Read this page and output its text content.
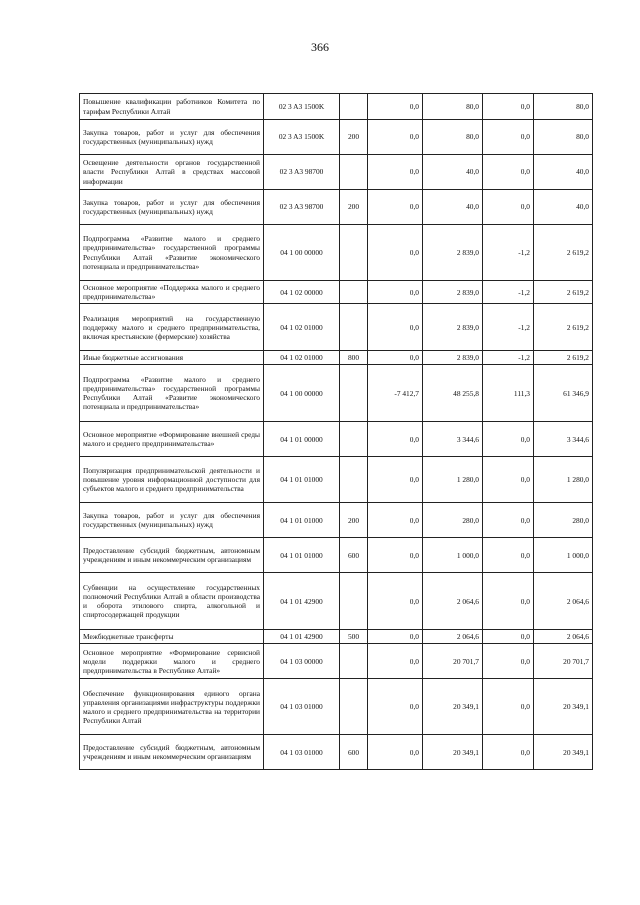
366
Повышение квалификации работников Комитета по тарифам Республики Алтай	02 3 A3 1500K		0,0	80,0	0,0	80,0
Закупка товаров, работ и услуг для обеспечения государственных (муниципальных) нужд	02 3 A3 1500K	200	0,0	80,0	0,0	80,0
Освещение деятельности органов государственной власти Республики Алтай в средствах массовой информации	02 3 A3 98700		0,0	40,0	0,0	40,0
Закупка товаров, работ и услуг для обеспечения государственных (муниципальных) нужд	02 3 A3 98700	200	0,0	40,0	0,0	40,0
Подпрограмма «Развитие малого и среднего предпринимательства» государственной программы Республики Алтай «Развитие экономического потенциала и предпринимательства»	04 1 00 00000		0,0	2 839,0	-1,2	2 619,2
Основное мероприятие «Поддержка малого и среднего предпринимательства»	04 1 02 00000		0,0	2 839,0	-1,2	2 619,2
Реализация мероприятий на государственную поддержку малого и среднего предпринимательства, включая крестьянские (фермерские) хозяйства	04 1 02 01000		0,0	2 839,0	-1,2	2 619,2
Иные бюджетные ассигнования	04 1 02 01000	800	0,0	2 839,0	-1,2	2 619,2
Подпрограмма «Развитие малого и среднего предпринимательства» государственной программы Республики Алтай «Развитие экономического потенциала и предпринимательства»	04 1 00 00000		-7 412,7	48 255,8	111,3	61 346,9
Основное мероприятие «Формирование внешней среды малого и среднего предпринимательства»	04 1 01 00000		0,0	3 344,6	0,0	3 344,6
Популяризация предпринимательской деятельности и повышение уровня информационной доступности для субъектов малого и среднего предпринимательства	04 1 01 01000		0,0	1 280,0	0,0	1 280,0
Закупка товаров, работ и услуг для обеспечения государственных (муниципальных) нужд	04 1 01 01000	200	0,0	280,0	0,0	280,0
Предоставление субсидий бюджетным, автономным учреждениям и иным некоммерческим организациям	04 1 01 01000	600	0,0	1 000,0	0,0	1 000,0
Субвенции на осуществление государственных полномочий Республики Алтай в области производства и оборота этилового спирта, алкогольной и спиртосодержащей продукции	04 1 01 42900		0,0	2 064,6	0,0	2 064,6
Межбюджетные трансферты	04 1 01 42900	500	0,0	2 064,6	0,0	2 064,6
Основное мероприятие «Формирование сервисной модели поддержки малого и среднего предпринимательства в Республике Алтай»	04 1 03 00000		0,0	20 701,7	0,0	20 701,7
Обеспечение функционирования единого органа управления организациями инфраструктуры поддержки малого и среднего предпринимательства на территории Республики Алтай	04 1 03 01000		0,0	20 349,1	0,0	20 349,1
Предоставление субсидий бюджетным, автономным учреждениям и иным некоммерческим организациям	04 1 03 01000	600	0,0	20 349,1	0,0	20 349,1
